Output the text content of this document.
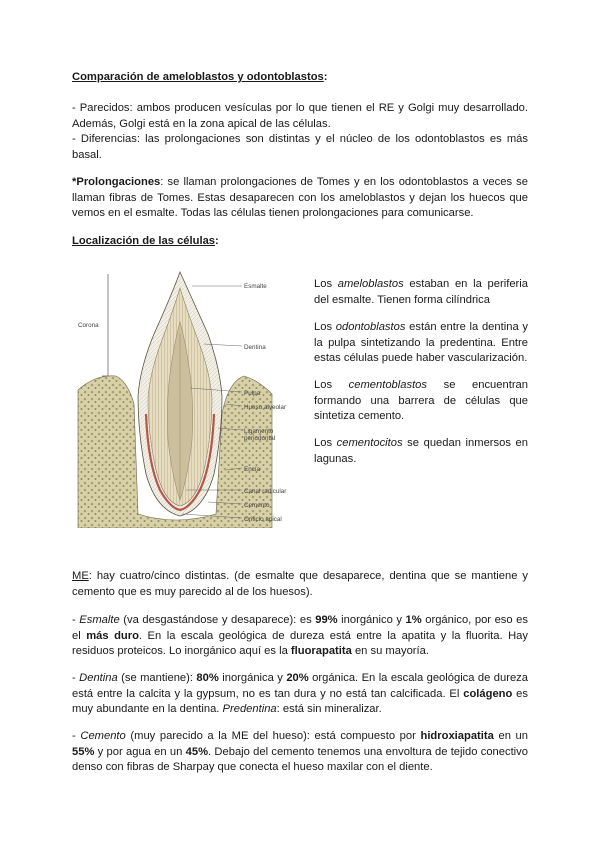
Comparación de ameloblastos y odontoblastos:

- Parecidos: ambos producen vesículas por lo que tienen el RE y Golgi muy desarrollado. Además, Golgi está en la zona apical de las células.

- Diferencias: las prolongaciones son distintas y el núcleo de los odontoblastos es más basal.

*Prolongaciones: se llaman prolongaciones de Tomes y en los odontoblastos a veces se llaman fibras de Tomes. Estas desaparecen con los ameloblastos y dejan los huecos que vemos en el esmalte. Todas las células tienen prolongaciones para comunicarse.
Localización de las células:
Corona
Esmalte
Dentina
Pulpa
Hueso alveolar
Ligamento
periodontal
Encía
Canal radicular
Cemento
Orificio apical
Los ameloblastos estaban en la periferia del esmalte. Tienen forma cilíndrica
Los odontoblastos están entre la dentina y la pulpa sintetizando la predentina. Entre estas células puede haber vascularización.
Los cementoblastos se encuentran formando una barrera de células que sintetiza cemento.
Los cementocitos se quedan inmersos en lagunas.
ME: hay cuatro/cinco distintas. (de esmalte que desaparece, dentina que se mantiene y cemento que es muy parecido al de los huesos).
- Esmalte (va desgastándose y desaparece): es 99% inorgánico y 1% orgánico, por eso es el más duro. En la escala geológica de dureza está entre la apatita y la fluorita. Hay residuos proteicos. Lo inorgánico aquí es la fluorapatita en su mayoría.
- Dentina (se mantiene): 80% inorgánica y 20% orgánica. En la escala geológica de dureza está entre la calcita y la gypsum, no es tan dura y no está tan calcificada. El colágeno es muy abundante en la dentina. Predentina: está sin mineralizar.
- Cemento (muy parecido a la ME del hueso): está compuesto por hidroxiapatita en un 55% y por agua en un 45%. Debajo del cemento tenemos una envoltura de tejido conectivo denso con fibras de Sharpay que conecta el hueso maxilar con el diente.
